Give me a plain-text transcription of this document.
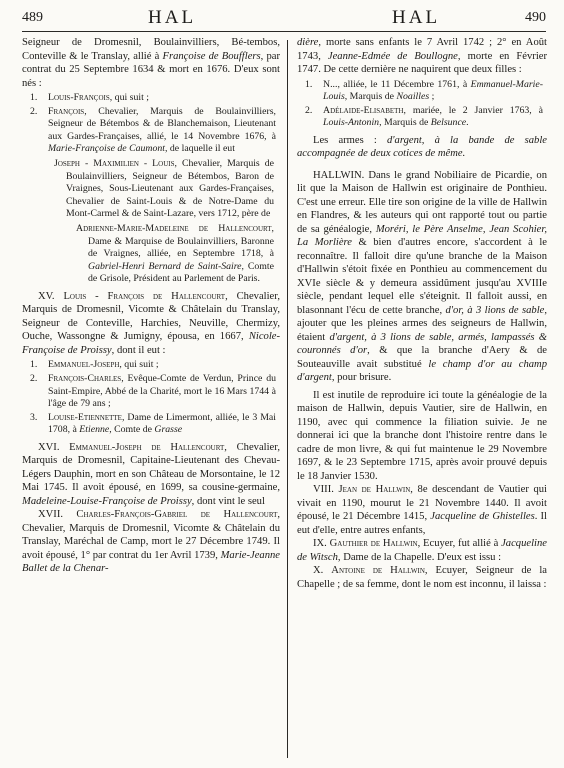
489	HAL	HAL	490

Seigneur de Dromesnil, Boulainvilliers, Bé-tembos, Conteville & le Translay, allié à Françoise de Boufflers, par contrat du 25 Septembre 1634 & mort en 1676. D'eux sont nés :

1. Louis-François, qui suit ;
2. François, Chevalier, Marquis de Boulainvilliers, Seigneur de Bétembos & de Blanchemaison, Lieutenant aux Gardes-Françaises, allié, le 14 Novembre 1676, à Marie-Françoise de Caumont, de laquelle il eut

Joseph - Maximilien - Louis, Chevalier, Marquis de Boulainvilliers, Seigneur de Bétembos, Baron de Vraignes, Sous-Lieutenant aux Gardes-Françaises, Chevalier de Saint-Louis & de Notre-Dame du Mont-Carmel & de Saint-Lazare, vers 1712, père de

Adrienne-Marie-Madeleine de Hallencourt, Dame & Marquise de Boulainvilliers, Baronne de Vraignes, alliée, en Septembre 1718, à Gabriel-Henri Bernard de Saint-Saire, Comte de Grisole, Président au Parlement de Paris.

XV. Louis - François de Hallencourt, Chevalier, Marquis de Dromesnil, Vicomte & Châtelain du Translay, Seigneur de Conteville, Harchies, Neuville, Chermizy, Ouche, Wassongne & Jumigny, épousa, en 1667, Nicole-Françoise de Proissy, dont il eut :

1. Emmanuel-Joseph, qui suit ;
2. François-Charles, Evêque-Comte de Verdun, Prince du Saint-Empire, Abbé de la Charité, mort le 16 Mars 1744 à l'âge de 79 ans ;
3. Louise-Etiennette, Dame de Limermont, alliée, le 3 Mai 1708, à Etienne, Comte de Grasse

XVI. Emmanuel-Joseph de Hallencourt, Chevalier, Marquis de Dromesnil, Capitaine-Lieutenant des Chevau-Légers Dauphin, mort en son Château de Morsontaine, le 12 Mai 1745. Il avoit épousé, en 1699, sa cousine-germaine, Madeleine-Louise-Françoise de Proissy, dont vint le seul

XVII. Charles-François-Gabriel de Hallencourt, Chevalier, Marquis de Dromesnil, Vicomte & Châtelain du Translay, Maréchal de Camp, mort le 27 Décembre 1749. Il avoit épousé, 1° par contrat du 1er Avril 1739, Marie-Jeanne Ballet de la Chenar-

dière, morte sans enfants le 7 Avril 1742 ; 2° en Août 1743, Jeanne-Edmée de Boullogne, morte en Février 1747. De cette dernière ne naquirent que deux filles :

1. N..., alliée, le 11 Décembre 1761, à Emmanuel-Marie-Louis, Marquis de Noailles ;
2. Adélaide-Elisabeth, mariée, le 2 Janvier 1763, à Louis-Antonin, Marquis de Belsunce.

Les armes : d'argent, à la bande de sable accompagnée de deux cotices de même.

HALLWIN. Dans le grand Nobiliaire de Picardie, on lit que la Maison de Hallwin est originaire de Ponthieu. C'est une erreur. Elle tire son origine de la ville de Hallwin en Flandres, & les auteurs qui ont rapporté tout ou partie de sa généalogie, Moréri, le Père Anselme, Jean Scohier, La Morlière & bien d'autres encore, s'accordent à le reconnaître. Il falloit dire qu'une branche de la Maison d'Hallwin s'étoit fixée en Ponthieu au commencement du XVIe siècle & y demeura assidûment jusqu'au XVIIIe siècle, pendant lequel elle s'éteignit. Il falloit aussi, en blasonnant l'écu de cette branche, d'or, à 3 lions de sable, ajouter que les pleines armes des seigneurs de Hallwin, étaient d'argent, à 3 lions de sable, armés, lampassés & couronnés d'or, & que la branche d'Aery & de Souteauville avait substitué le champ d'or au champ d'argent, pour brisure.

Il est inutile de reproduire ici toute la généalogie de la maison de Hallwin, depuis Vautier, sire de Hallwin, en 1190, avec qui commence la filiation suivie. Je ne donnerai ici que la branche dont l'histoire rentre dans le cadre de mon livre, & qui fut maintenue le 29 Novembre 1697, & le 23 Septembre 1715, après avoir prouvé depuis le 18 Janvier 1530.

VIII. Jean de Hallwin, 8e descendant de Vautier qui vivait en 1190, mourut le 21 Novembre 1440. Il avoit épousé, le 21 Décembre 1415, Jacqueline de Ghistelles. Il eut d'elle, entre autres enfants,

IX. Gauthier de Hallwin, Ecuyer, fut allié à Jacqueline de Witsch, Dame de la Chapelle. D'eux est issu :

X. Antoine de Hallwin, Ecuyer, Seigneur de la Chapelle ; de sa femme, dont le nom est inconnu, il laissa :
